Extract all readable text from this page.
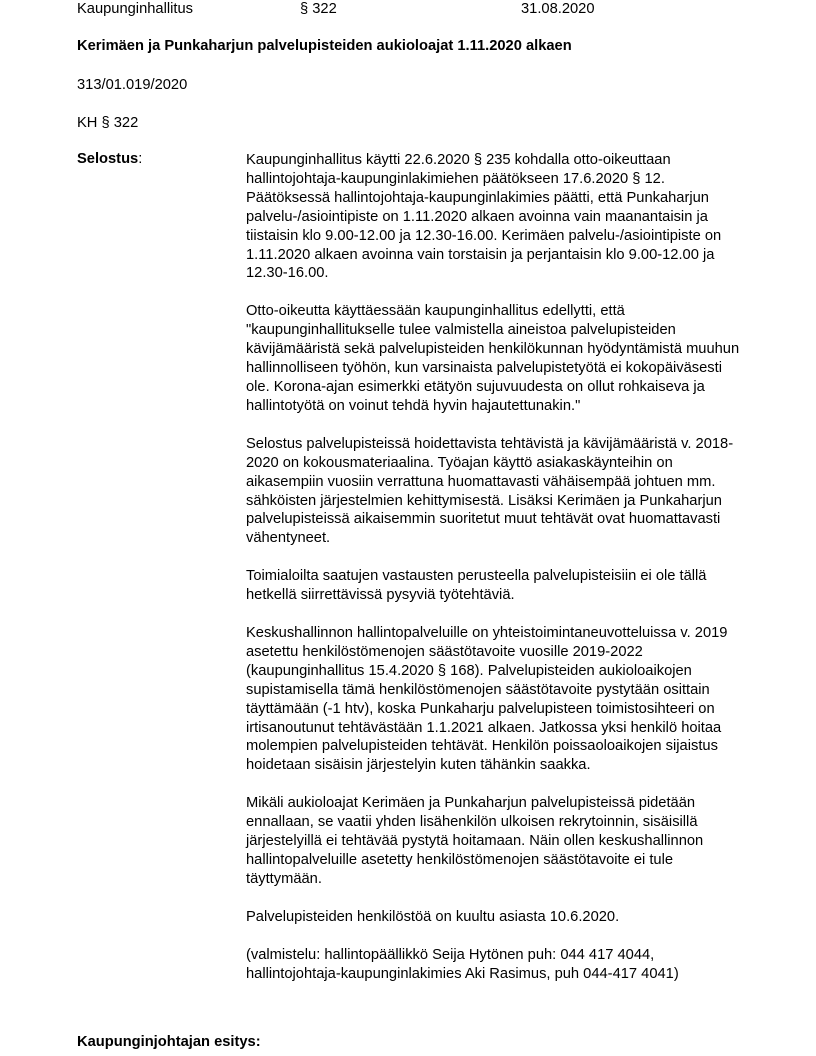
Kaupunginhallitus	§ 322	31.08.2020
Kerimäen ja Punkaharjun palvelupisteiden aukioloajat 1.11.2020 alkaen
313/01.019/2020
KH § 322
Selostus:	Kaupunginhallitus käytti 22.6.2020 § 235 kohdalla otto-oikeuttaan hallintojohtaja-kaupunginlakimiehen päätökseen 17.6.2020 § 12. Päätöksessä hallintojohtaja-kaupunginlakimies päätti, että Punkaharjun palvelu-/asiointipiste on 1.11.2020 alkaen avoinna vain maanantaisin ja tiistaisin klo 9.00-12.00 ja 12.30-16.00. Kerimäen palvelu-/asiointipiste on 1.11.2020 alkaen avoinna vain torstaisin ja perjantaisin klo 9.00-12.00 ja 12.30-16.00.

Otto-oikeutta käyttäessään kaupunginhallitus edellytti, että "kaupunginhallitukselle tulee valmistella aineistoa palvelupisteiden kävijämääristä sekä palvelupisteiden henkilökunnan hyödyntämistä muuhun hallinnolliseen työhön, kun varsinaista palvelupistetyötä ei kokopäiväsesti ole. Korona-ajan esimerkki etätyön sujuvuudesta on ollut rohkaiseva ja hallintotyötä on voinut tehdä hyvin hajautettunakin."

Selostus palvelupisteissä hoidettavista tehtävistä ja kävijämääristä v. 2018-2020 on kokousmateriaalina. Työajan käyttö asiakaskäynteihin on aikasempiin vuosiin verrattuna huomattavasti vähäisempää johtuen mm. sähköisten järjestelmien kehittymisestä. Lisäksi Kerimäen ja Punkaharjun palvelupisteissä aikaisemmin suoritetut muut tehtävät ovat huomattavasti vähentyneet.

Toimialoilta saatujen vastausten perusteella palvelupisteisiin ei ole tällä hetkellä siirrettävissä pysyviä työtehtäviä.

Keskushallinnon hallintopalveluille on yhteistoimintaneuvotteluissa v. 2019 asetettu henkilöstömenojen säästötavoite vuosille 2019-2022 (kaupunginhallitus 15.4.2020 § 168). Palvelupisteiden aukioloaikojen supistamisella tämä henkilöstömenojen säästötavoite pystytään osittain täyttämään (-1 htv), koska Punkaharju palvelupisteen toimistosihteeri on irtisanoutunut tehtävästään 1.1.2021 alkaen. Jatkossa yksi henkilö hoitaa molempien palvelupisteiden tehtävät. Henkilön poissaoloaikojen sijaistus hoidetaan sisäisin järjestelyin kuten tähänkin saakka.

Mikäli aukioloajat Kerimäen ja Punkaharjun palvelupisteissä pidetään ennallaan, se vaatii yhden lisähenkilön ulkoisen rekrytoinnin, sisäisillä järjestelyillä ei tehtävää pystytä hoitamaan. Näin ollen keskushallinnon hallintopalveluille asetetty henkilöstömenojen säästötavoite ei tule täyttymään.

Palvelupisteiden henkilöstöä on kuultu asiasta 10.6.2020.

(valmistelu: hallintopäällikkö Seija Hytönen puh: 044 417 4044, hallintojohtaja-kaupunginlakimies Aki Rasimus, puh 044-417 4041)

Kaupunginjohtajan esitys:
